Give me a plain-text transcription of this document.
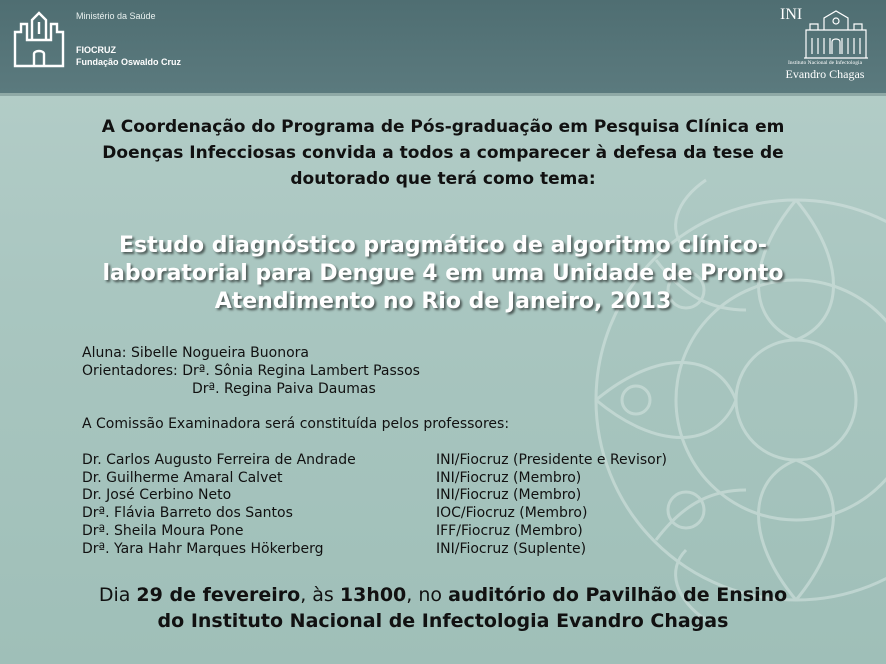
Ministério da Saúde
FIOCRUZ
Fundação Oswaldo Cruz
INI
Instituto Nacional de Infectologia
Evandro Chagas
A Coordenação do Programa de Pós-graduação em Pesquisa Clínica em
Doenças Infecciosas convida a todos a comparecer à defesa da tese de
doutorado que terá como tema:
Estudo diagnóstico pragmático de algoritmo clínico-
laboratorial para Dengue 4 em uma Unidade de Pronto
Atendimento no Rio de Janeiro, 2013
Aluna: Sibelle Nogueira Buonora
Orientadores: Drª. Sônia Regina Lambert Passos
Drª. Regina Paiva Daumas
A Comissão Examinadora será constituída pelos professores:
Dr. Carlos Augusto Ferreira de Andrade	INI/Fiocruz (Presidente e Revisor)
Dr. Guilherme Amaral Calvet	INI/Fiocruz (Membro)
Dr. José Cerbino Neto	INI/Fiocruz (Membro)
Drª. Flávia Barreto dos Santos	IOC/Fiocruz (Membro)
Drª. Sheila Moura Pone	IFF/Fiocruz (Membro)
Drª. Yara Hahr Marques Hökerberg	INI/Fiocruz (Suplente)
Dia 29 de fevereiro, às 13h00, no auditório do Pavilhão de Ensino
do Instituto Nacional de Infectologia Evandro Chagas
